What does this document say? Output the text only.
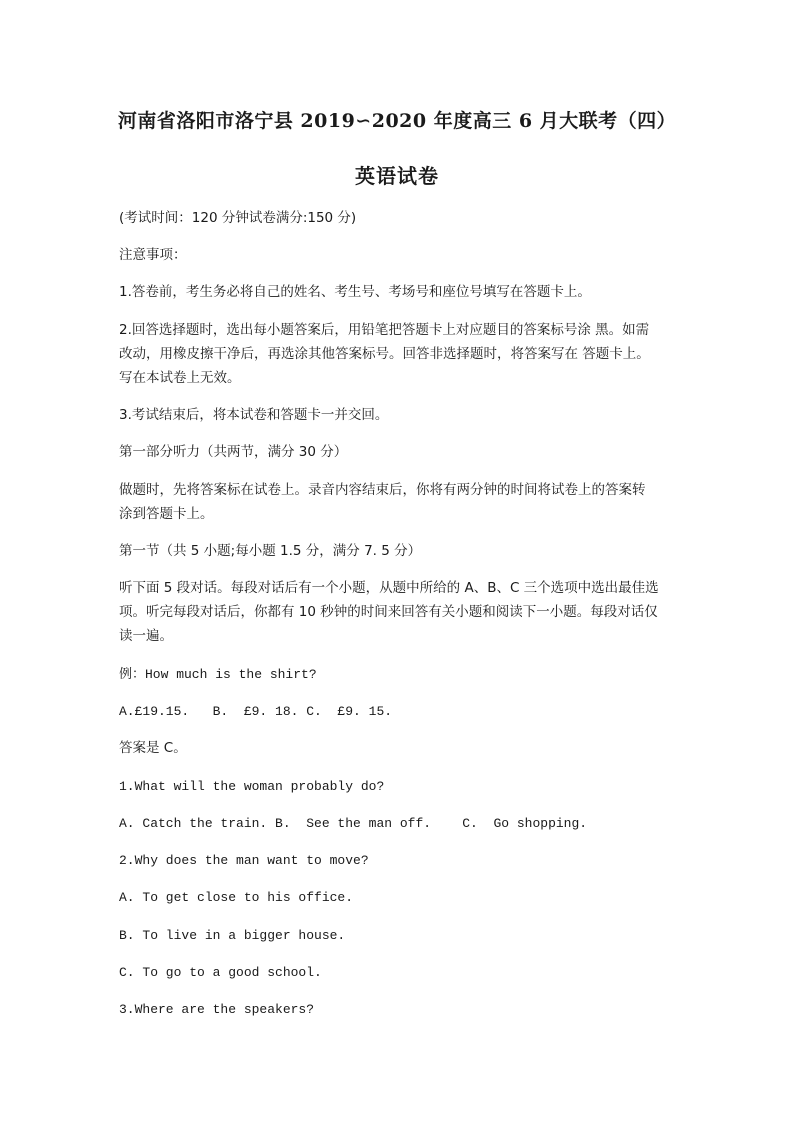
河南省洛阳市洛宁县 2019∽2020 年度高三 6 月大联考（四）
英语试卷

(考试时间：120 分钟试卷满分:150 分)

注意事项：

1.答卷前，考生务必将自己的姓名、考生号、考场号和座位号填写在答题卡上。

2.回答选择题时，选出每小题答案后，用铅笔把答题卡上对应题目的答案标号涂 黑。如需

改动，用橡皮擦干净后，再选涂其他答案标号。回答非选择题时，将答案写在 答题卡上。

写在本试卷上无效。

3.考试结束后，将本试卷和答题卡一并交回。

第一部分听力（共两节，满分 30 分）

做题时，先将答案标在试卷上。录音内容结束后，你将有两分钟的时间将试卷上的答案转

涂到答题卡上。

第一节（共 5 小题;每小题 1.5 分，满分 7. 5 分）

听下面 5 段对话。每段对话后有一个小题，从题中所给的 A、B、C 三个选项中选出最佳选

项。听完每段对话后，你都有 10 秒钟的时间来回答有关小题和阅读下一小题。每段对话仅

读一遍。

例：How much is the shirt?

A.£19.15.   B.  £9. 18. C.  £9. 15.

答案是 C。

1.What will the woman probably do?

A. Catch the train. B.  See the man off.    C.  Go shopping.

2.Why does the man want to move?

A. To get close to his office.

B. To live in a bigger house.

C. To go to a good school.

3.Where are the speakers?
